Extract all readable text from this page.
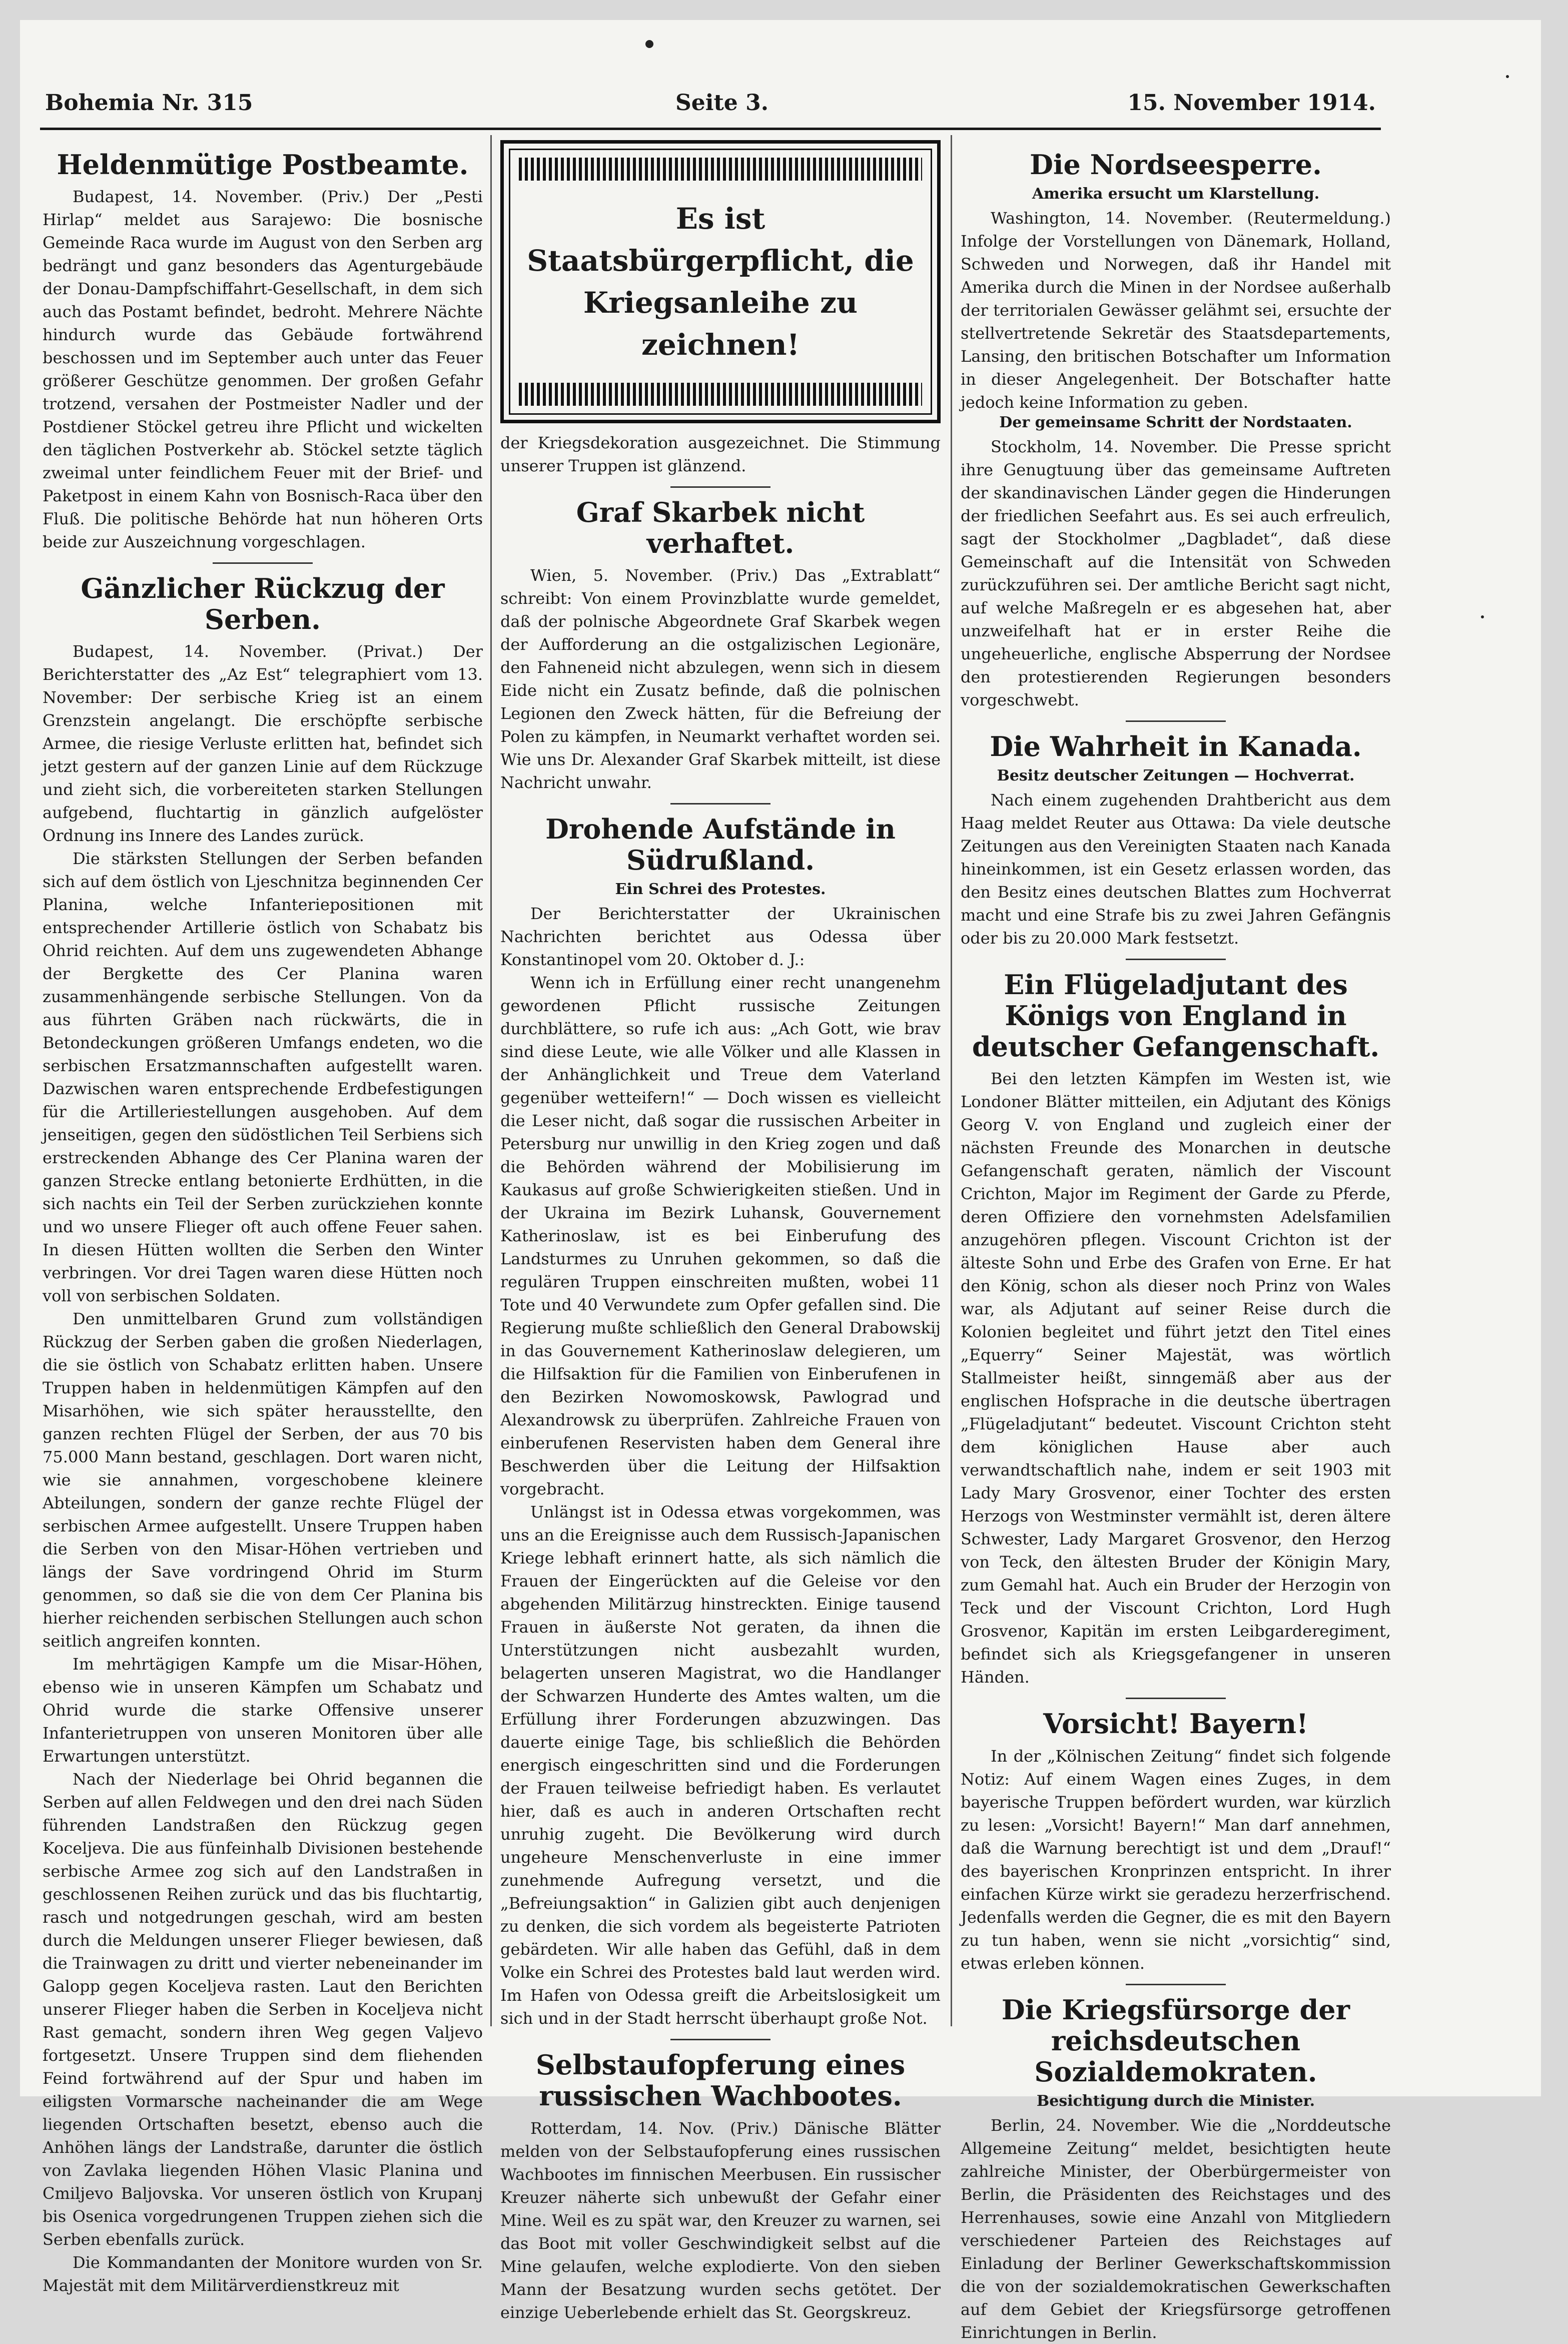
Bohemia Nr. 315	Seite 3.	15. November 1914.
Heldenmütige Postbeamte.

Budapest, 14. November. (Priv.) Der „Pesti Hirlap“ meldet aus Sarajewo: Die bosnische Gemeinde Raca wurde im August von den Serben arg bedrängt und ganz besonders das Agenturgebäude der Donau-Dampfschiffahrt-Gesellschaft, in dem sich auch das Postamt befindet, bedroht. Mehrere Nächte hindurch wurde das Gebäude fortwährend beschossen und im September auch unter das Feuer größerer Geschütze genommen. Der großen Gefahr trotzend, versahen der Postmeister Nadler und der Postdiener Stöckel getreu ihre Pflicht und wickelten den täglichen Postverkehr ab. Stöckel setzte täglich zweimal unter feindlichem Feuer mit der Brief- und Paketpost in einem Kahn von Bosnisch-Raca über den Fluß. Die politische Behörde hat nun höheren Orts beide zur Auszeichnung vorgeschlagen.

Gänzlicher Rückzug der Serben.

Budapest, 14. November. (Privat.) Der Berichterstatter des „Az Est“ telegraphiert vom 13. November: Der serbische Krieg ist an einem Grenzstein angelangt. Die erschöpfte serbische Armee, die riesige Verluste erlitten hat, befindet sich jetzt gestern auf der ganzen Linie auf dem Rückzuge und zieht sich, die vorbereiteten starken Stellungen aufgebend, fluchtartig in gänzlich aufgelöster Ordnung ins Innere des Landes zurück.

Die stärksten Stellungen der Serben befanden sich auf dem östlich von Ljeschnitza beginnenden Cer Planina, welche Infanteriepositionen mit entsprechender Artillerie östlich von Schabatz bis Ohrid reichten. Auf dem uns zugewendeten Abhange der Bergkette des Cer Planina waren zusammenhängende serbische Stellungen. Von da aus führten Gräben nach rückwärts, die in Betondeckungen größeren Umfangs endeten, wo die serbischen Ersatzmannschaften aufgestellt waren. Dazwischen waren entsprechende Erdbefestigungen für die Artilleriestellungen ausgehoben. Auf dem jenseitigen, gegen den südöstlichen Teil Serbiens sich erstreckenden Abhange des Cer Planina waren der ganzen Strecke entlang betonierte Erdhütten, in die sich nachts ein Teil der Serben zurückziehen konnte und wo unsere Flieger oft auch offene Feuer sahen. In diesen Hütten wollten die Serben den Winter verbringen. Vor drei Tagen waren diese Hütten noch voll von serbischen Soldaten.

Den unmittelbaren Grund zum vollständigen Rückzug der Serben gaben die großen Niederlagen, die sie östlich von Schabatz erlitten haben. Unsere Truppen haben in heldenmütigen Kämpfen auf den Misarhöhen, wie sich später herausstellte, den ganzen rechten Flügel der Serben, der aus 70 bis 75.000 Mann bestand, geschlagen. Dort waren nicht, wie sie annahmen, vorgeschobene kleinere Abteilungen, sondern der ganze rechte Flügel der serbischen Armee aufgestellt. Unsere Truppen haben die Serben von den Misar-Höhen vertrieben und längs der Save vordringend Ohrid im Sturm genommen, so daß sie die von dem Cer Planina bis hierher reichenden serbischen Stellungen auch schon seitlich angreifen konnten.

Im mehrtägigen Kampfe um die Misar-Höhen, ebenso wie in unseren Kämpfen um Schabatz und Ohrid wurde die starke Offensive unserer Infanterietruppen von unseren Monitoren über alle Erwartungen unterstützt.

Nach der Niederlage bei Ohrid begannen die Serben auf allen Feldwegen und den drei nach Süden führenden Landstraßen den Rückzug gegen Koceljeva. Die aus fünfeinhalb Divisionen bestehende serbische Armee zog sich auf den Landstraßen in geschlossenen Reihen zurück und das bis fluchtartig, rasch und notgedrungen geschah, wird am besten durch die Meldungen unserer Flieger bewiesen, daß die Trainwagen zu dritt und vierter nebeneinander im Galopp gegen Koceljeva rasten. Laut den Berichten unserer Flieger haben die Serben in Koceljeva nicht Rast gemacht, sondern ihren Weg gegen Valjevo fortgesetzt. Unsere Truppen sind dem fliehenden Feind fortwährend auf der Spur und haben im eiligsten Vormarsche nacheinander die am Wege liegenden Ortschaften besetzt, ebenso auch die Anhöhen längs der Landstraße, darunter die östlich von Zavlaka liegenden Höhen Vlasic Planina und Cmiljevo Baljovska. Vor unseren östlich von Krupanj bis Osenica vorgedrungenen Truppen ziehen sich die Serben ebenfalls zurück.

Die Kommandanten der Monitore wurden von Sr. Majestät mit dem Militärverdienstkreuz mit

Es ist Staatsbürgerpflicht, die Kriegsanleihe zu zeichnen!

der Kriegsdekoration ausgezeichnet. Die Stimmung unserer Truppen ist glänzend.

Graf Skarbek nicht verhaftet.

Wien, 5. November. (Priv.) Das „Extrablatt“ schreibt: Von einem Provinzblatte wurde gemeldet, daß der polnische Abgeordnete Graf Skarbek wegen der Aufforderung an die ostgalizischen Legionäre, den Fahneneid nicht abzulegen, wenn sich in diesem Eide nicht ein Zusatz befinde, daß die polnischen Legionen den Zweck hätten, für die Befreiung der Polen zu kämpfen, in Neumarkt verhaftet worden sei. Wie uns Dr. Alexander Graf Skarbek mitteilt, ist diese Nachricht unwahr.

Drohende Aufstände in Südrußland.
Ein Schrei des Protestes.

Der Berichterstatter der Ukrainischen Nachrichten berichtet aus Odessa über Konstantinopel vom 20. Oktober d. J.:

Wenn ich in Erfüllung einer recht unangenehm gewordenen Pflicht russische Zeitungen durchblättere, so rufe ich aus: „Ach Gott, wie brav sind diese Leute, wie alle Völker und alle Klassen in der Anhänglichkeit und Treue dem Vaterland gegenüber wetteifern!“ — Doch wissen es vielleicht die Leser nicht, daß sogar die russischen Arbeiter in Petersburg nur unwillig in den Krieg zogen und daß die Behörden während der Mobilisierung im Kaukasus auf große Schwierigkeiten stießen. Und in der Ukraina im Bezirk Luhansk, Gouvernement Katherinoslaw, ist es bei Einberufung des Landsturmes zu Unruhen gekommen, so daß die regulären Truppen einschreiten mußten, wobei 11 Tote und 40 Verwundete zum Opfer gefallen sind. Die Regierung mußte schließlich den General Drabowskij in das Gouvernement Katherinoslaw delegieren, um die Hilfsaktion für die Familien von Einberufenen in den Bezirken Nowomoskowsk, Pawlograd und Alexandrowsk zu überprüfen. Zahlreiche Frauen von einberufenen Reservisten haben dem General ihre Beschwerden über die Leitung der Hilfsaktion vorgebracht.

Unlängst ist in Odessa etwas vorgekommen, was uns an die Ereignisse auch dem Russisch-Japanischen Kriege lebhaft erinnert hatte, als sich nämlich die Frauen der Eingerückten auf die Geleise vor den abgehenden Militärzug hinstreckten. Einige tausend Frauen in äußerste Not geraten, da ihnen die Unterstützungen nicht ausbezahlt wurden, belagerten unseren Magistrat, wo die Handlanger der Schwarzen Hunderte des Amtes walten, um die Erfüllung ihrer Forderungen abzuzwingen. Das dauerte einige Tage, bis schließlich die Behörden energisch eingeschritten sind und die Forderungen der Frauen teilweise befriedigt haben. Es verlautet hier, daß es auch in anderen Ortschaften recht unruhig zugeht. Die Bevölkerung wird durch ungeheure Menschenverluste in eine immer zunehmende Aufregung versetzt, und die „Befreiungsaktion“ in Galizien gibt auch denjenigen zu denken, die sich vordem als begeisterte Patrioten gebärdeten. Wir alle haben das Gefühl, daß in dem Volke ein Schrei des Protestes bald laut werden wird. Im Hafen von Odessa greift die Arbeitslosigkeit um sich und in der Stadt herrscht überhaupt große Not.

Selbstaufopferung eines russischen Wachbootes.

Rotterdam, 14. Nov. (Priv.) Dänische Blätter melden von der Selbstaufopferung eines russischen Wachbootes im finnischen Meerbusen. Ein russischer Kreuzer näherte sich unbewußt der Gefahr einer Mine. Weil es zu spät war, den Kreuzer zu warnen, sei das Boot mit voller Geschwindigkeit selbst auf die Mine gelaufen, welche explodierte. Von den sieben Mann der Besatzung wurden sechs getötet. Der einzige Ueberlebende erhielt das St. Georgskreuz.

Die Nordseesperre.
Amerika ersucht um Klarstellung.

Washington, 14. November. (Reutermeldung.) Infolge der Vorstellungen von Dänemark, Holland, Schweden und Norwegen, daß ihr Handel mit Amerika durch die Minen in der Nordsee außerhalb der territorialen Gewässer gelähmt sei, ersuchte der stellvertretende Sekretär des Staatsdepartements, Lansing, den britischen Botschafter um Information in dieser Angelegenheit. Der Botschafter hatte jedoch keine Information zu geben.

Der gemeinsame Schritt der Nordstaaten.

Stockholm, 14. November. Die Presse spricht ihre Genugtuung über das gemeinsame Auftreten der skandinavischen Länder gegen die Hinderungen der friedlichen Seefahrt aus. Es sei auch erfreulich, sagt der Stockholmer „Dagbladet“, daß diese Gemeinschaft auf die Intensität von Schweden zurückzuführen sei. Der amtliche Bericht sagt nicht, auf welche Maßregeln er es abgesehen hat, aber unzweifelhaft hat er in erster Reihe die ungeheuerliche, englische Absperrung der Nordsee den protestierenden Regierungen besonders vorgeschwebt.

Die Wahrheit in Kanada.
Besitz deutscher Zeitungen — Hochverrat.

Nach einem zugehenden Drahtbericht aus dem Haag meldet Reuter aus Ottawa: Da viele deutsche Zeitungen aus den Vereinigten Staaten nach Kanada hineinkommen, ist ein Gesetz erlassen worden, das den Besitz eines deutschen Blattes zum Hochverrat macht und eine Strafe bis zu zwei Jahren Gefängnis oder bis zu 20.000 Mark festsetzt.

Ein Flügeladjutant des Königs von England in deutscher Gefangenschaft.

Bei den letzten Kämpfen im Westen ist, wie Londoner Blätter mitteilen, ein Adjutant des Königs Georg V. von England und zugleich einer der nächsten Freunde des Monarchen in deutsche Gefangenschaft geraten, nämlich der Viscount Crichton, Major im Regiment der Garde zu Pferde, deren Offiziere den vornehmsten Adelsfamilien anzugehören pflegen. Viscount Crichton ist der älteste Sohn und Erbe des Grafen von Erne. Er hat den König, schon als dieser noch Prinz von Wales war, als Adjutant auf seiner Reise durch die Kolonien begleitet und führt jetzt den Titel eines „Equerry“ Seiner Majestät, was wörtlich Stallmeister heißt, sinngemäß aber aus der englischen Hofsprache in die deutsche übertragen „Flügeladjutant“ bedeutet. Viscount Crichton steht dem königlichen Hause aber auch verwandtschaftlich nahe, indem er seit 1903 mit Lady Mary Grosvenor, einer Tochter des ersten Herzogs von Westminster vermählt ist, deren ältere Schwester, Lady Margaret Grosvenor, den Herzog von Teck, den ältesten Bruder der Königin Mary, zum Gemahl hat. Auch ein Bruder der Herzogin von Teck und der Viscount Crichton, Lord Hugh Grosvenor, Kapitän im ersten Leibgarderegiment, befindet sich als Kriegsgefangener in unseren Händen.

Vorsicht! Bayern!

In der „Kölnischen Zeitung“ findet sich folgende Notiz: Auf einem Wagen eines Zuges, in dem bayerische Truppen befördert wurden, war kürzlich zu lesen: „Vorsicht! Bayern!“ Man darf annehmen, daß die Warnung berechtigt ist und dem „Drauf!“ des bayerischen Kronprinzen entspricht. In ihrer einfachen Kürze wirkt sie geradezu herzerfrischend. Jedenfalls werden die Gegner, die es mit den Bayern zu tun haben, wenn sie nicht „vorsichtig“ sind, etwas erleben können.

Die Kriegsfürsorge der reichsdeutschen Sozialdemokraten.
Besichtigung durch die Minister.

Berlin, 24. November. Wie die „Norddeutsche Allgemeine Zeitung“ meldet, besichtigten heute zahlreiche Minister, der Oberbürgermeister von Berlin, die Präsidenten des Reichstages und des Herrenhauses, sowie eine Anzahl von Mitgliedern verschiedener Parteien des Reichstages auf Einladung der Berliner Gewerkschaftskommission die von der sozialdemokratischen Gewerkschaften auf dem Gebiet der Kriegsfürsorge getroffenen Einrichtungen in Berlin.
